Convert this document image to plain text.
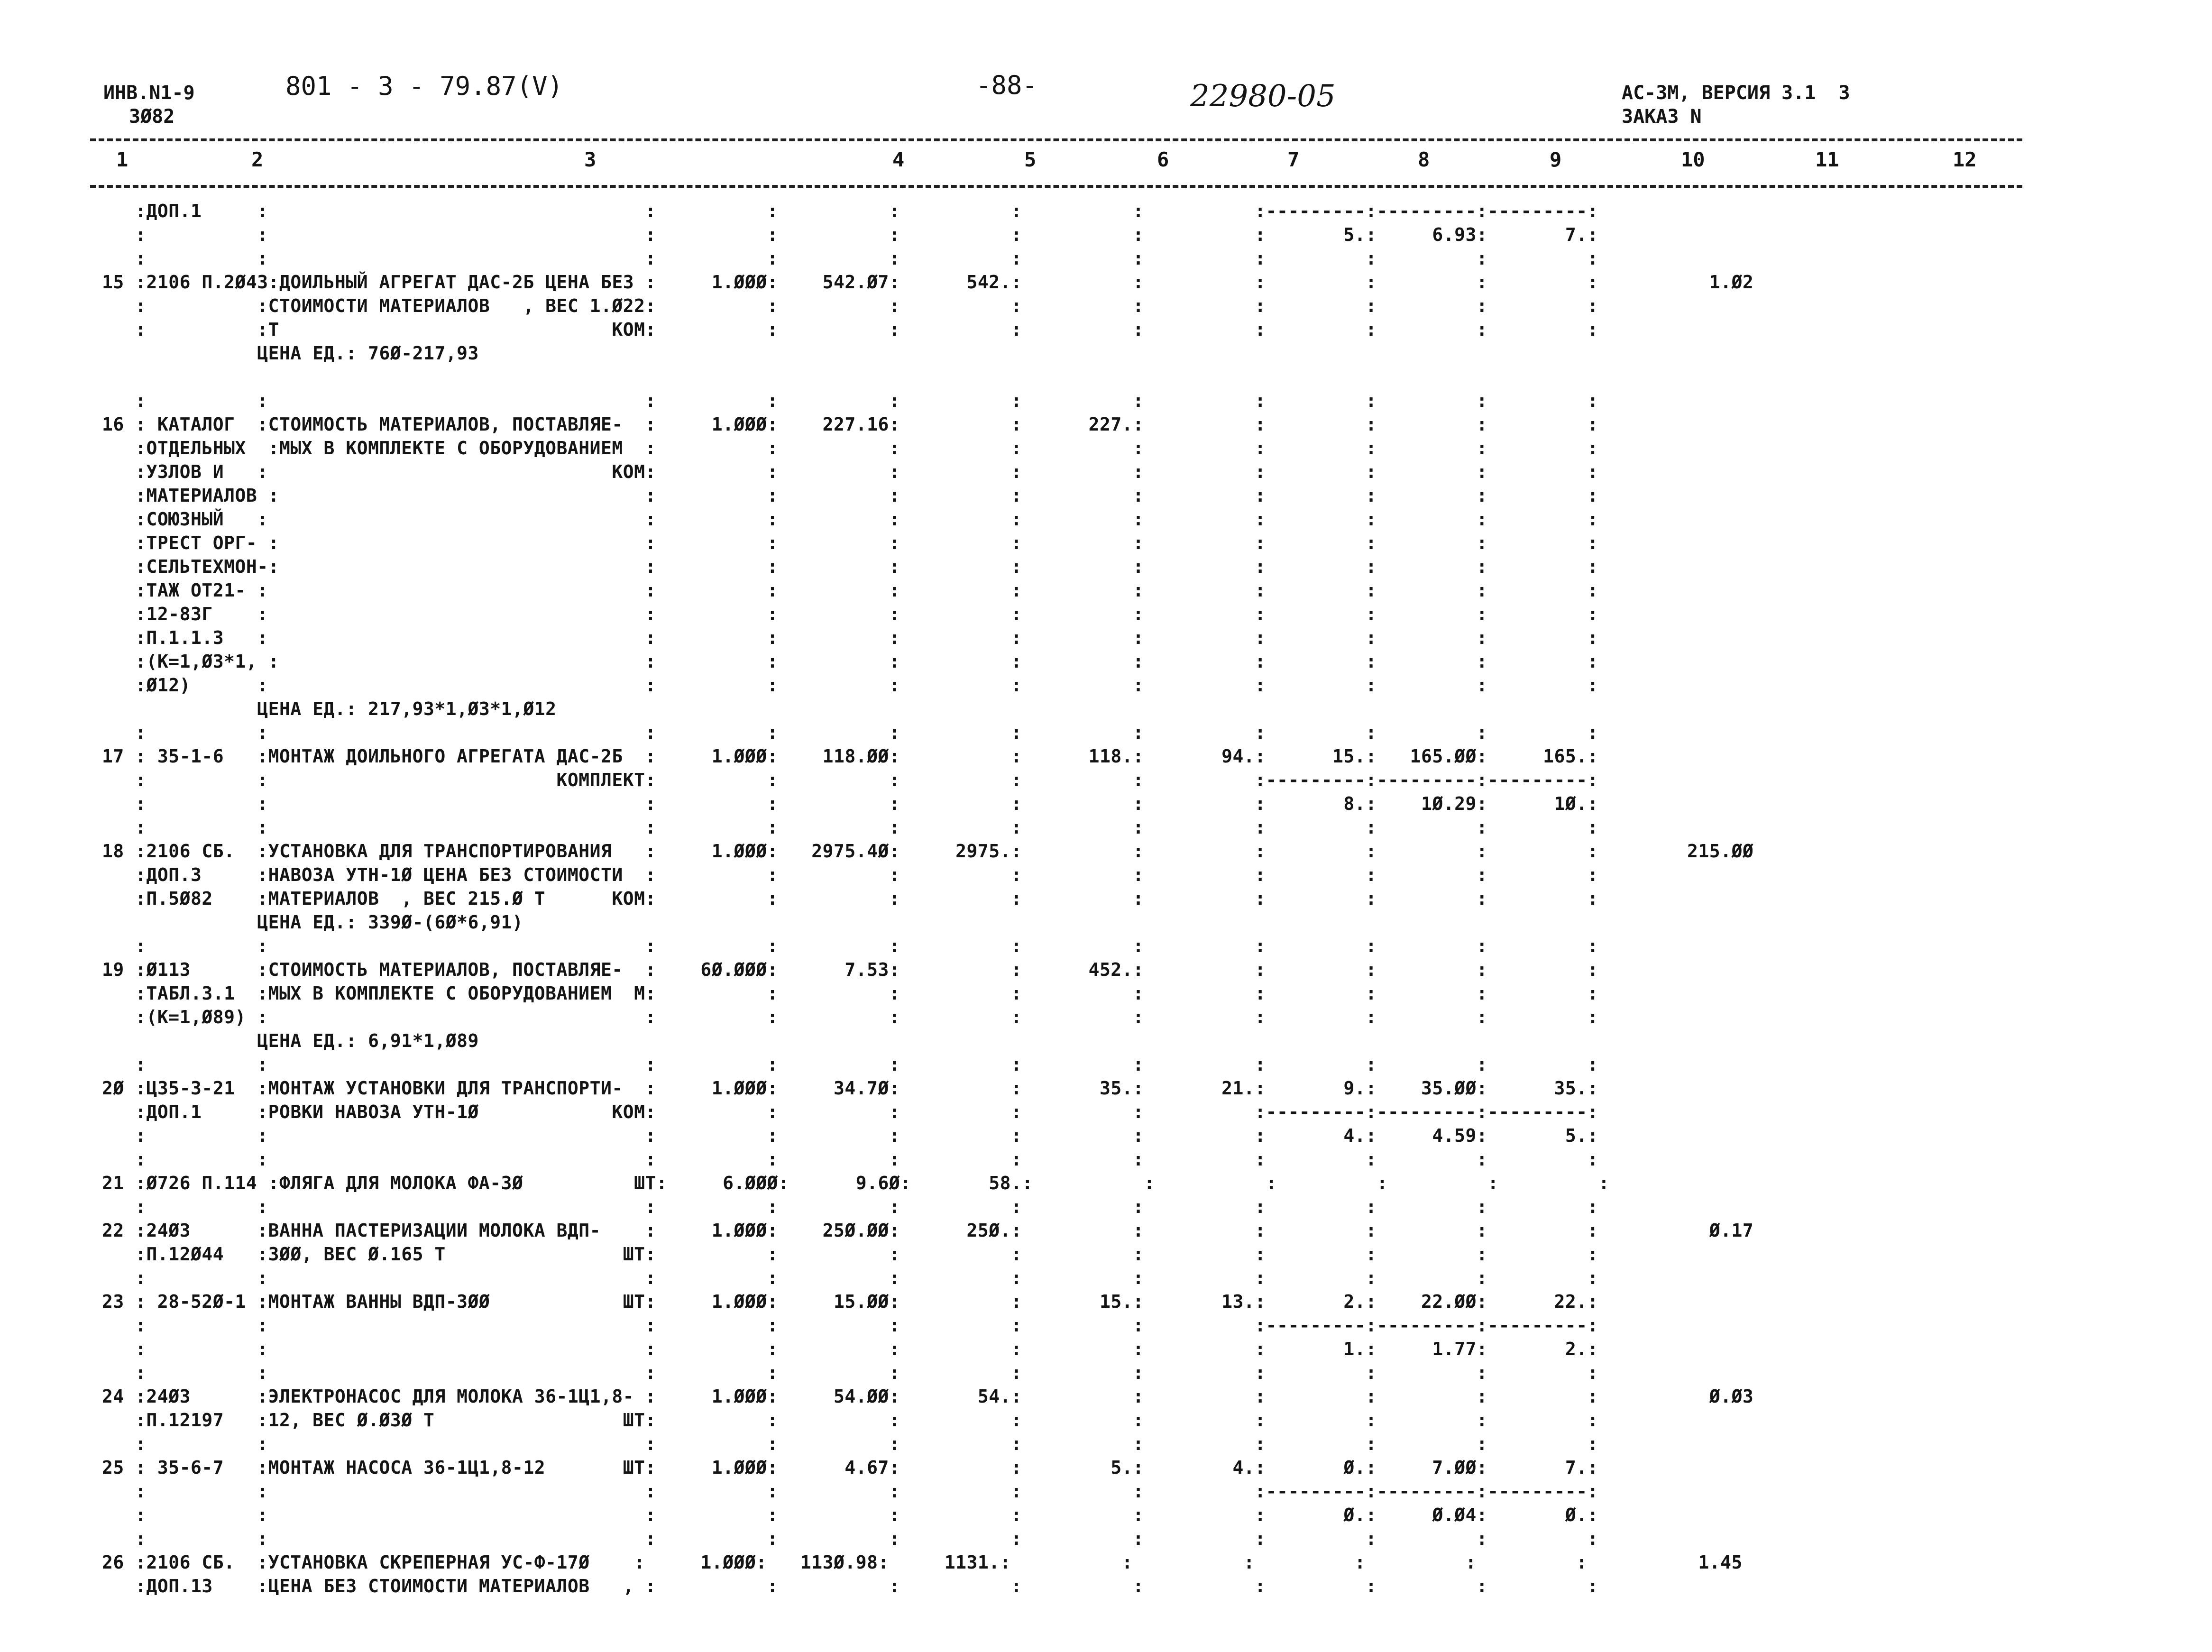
ИНВ.N1-9
3Ø82
801 - 3 - 79.87(V)	-88-	22980-05	АС-3М, ВЕРСИЯ 3.1  3
ЗАКАЗ N
1	2	3	4	5	6	7	8	9	10	11	12
:ДОП.1     :                                  :          :          :          :          :          :---------:---------:---------:
:          :                                  :          :          :          :          :          :       5.:     6.93:       7.:
:          :                                  :          :          :          :          :          :         :         :         :
15 :2106 П.2Ø43:ДОИЛЬНЫЙ АГРЕГАТ ДАС-2Б ЦЕНА БЕЗ :     1.ØØØ:    542.Ø7:      542.:          :          :         :         :         :          1.Ø2
:          :СТОИМОСТИ МАТЕРИАЛОВ   , ВЕС 1.Ø22:          :          :          :          :          :         :         :         :
:          :Т                              КОМ:          :          :          :          :          :         :         :         :
ЦЕНА ЕД.: 76Ø-217,93
:          :                                  :          :          :          :          :          :         :         :         :
16 : КАТАЛОГ  :СТОИМОСТЬ МАТЕРИАЛОВ, ПОСТАВЛЯЕ-  :     1.ØØØ:    227.16:          :      227.:          :         :         :         :
:ОТДЕЛЬНЫХ  :МЫХ В КОМПЛЕКТЕ С ОБОРУДОВАНИЕМ  :          :          :          :          :          :         :         :         :
:УЗЛОВ И   :                               КОМ:          :          :          :          :          :         :         :         :
:МАТЕРИАЛОВ :                                 :          :          :          :          :          :         :         :         :
:СОЮЗНЫЙ   :                                  :          :          :          :          :          :         :         :         :
:ТРЕСТ ОРГ- :                                 :          :          :          :          :          :         :         :         :
:СЕЛЬТЕХМОН-:                                 :          :          :          :          :          :         :         :         :
:ТАЖ ОТ21- :                                  :          :          :          :          :          :         :         :         :
:12-83Г    :                                  :          :          :          :          :          :         :         :         :
:П.1.1.3   :                                  :          :          :          :          :          :         :         :         :
:(К=1,Ø3*1, :                                 :          :          :          :          :          :         :         :         :
:Ø12)      :                                  :          :          :          :          :          :         :         :         :
ЦЕНА ЕД.: 217,93*1,Ø3*1,Ø12
:          :                                  :          :          :          :          :          :         :         :         :
17 : 35-1-6   :МОНТАЖ ДОИЛЬНОГО АГРЕГАТА ДАС-2Б  :     1.ØØØ:    118.ØØ:          :      118.:       94.:      15.:   165.ØØ:     165.:
:          :                          КОМПЛЕКТ:          :          :          :          :          :---------:---------:---------:
:          :                                  :          :          :          :          :          :       8.:    1Ø.29:      1Ø.:
:          :                                  :          :          :          :          :          :         :         :         :
18 :2106 СБ.  :УСТАНОВКА ДЛЯ ТРАНСПОРТИРОВАНИЯ   :     1.ØØØ:   2975.4Ø:     2975.:          :          :         :         :         :        215.ØØ
:ДОП.3     :НАВОЗА УТН-1Ø ЦЕНА БЕЗ СТОИМОСТИ  :          :          :          :          :          :         :         :         :
:П.5Ø82    :МАТЕРИАЛОВ  , ВЕС 215.Ø Т      КОМ:          :          :          :          :          :         :         :         :
ЦЕНА ЕД.: 339Ø-(6Ø*6,91)
:          :                                  :          :          :          :          :          :         :         :         :
19 :Ø113      :СТОИМОСТЬ МАТЕРИАЛОВ, ПОСТАВЛЯЕ-  :    6Ø.ØØØ:      7.53:          :      452.:          :         :         :         :
:ТАБЛ.3.1  :МЫХ В КОМПЛЕКТЕ С ОБОРУДОВАНИЕМ  М:          :          :          :          :          :         :         :         :
:(К=1,Ø89) :                                  :          :          :          :          :          :         :         :         :
ЦЕНА ЕД.: 6,91*1,Ø89
:          :                                  :          :          :          :          :          :         :         :         :
2Ø :Ц35-3-21  :МОНТАЖ УСТАНОВКИ ДЛЯ ТРАНСПОРТИ-  :     1.ØØØ:     34.7Ø:          :       35.:       21.:       9.:    35.ØØ:      35.:
:ДОП.1     :РОВКИ НАВОЗА УТН-1Ø            КОМ:          :          :          :          :          :---------:---------:---------:
:          :                                  :          :          :          :          :          :       4.:     4.59:       5.:
:          :                                  :          :          :          :          :          :         :         :         :
21 :Ø726 П.114 :ФЛЯГА ДЛЯ МОЛОКА ФА-3Ø          ШТ:     6.ØØØ:      9.6Ø:       58.:          :          :         :         :         :
:          :                                  :          :          :          :          :          :         :         :         :
22 :24Ø3      :ВАННА ПАСТЕРИЗАЦИИ МОЛОКА ВДП-    :     1.ØØØ:    25Ø.ØØ:      25Ø.:          :          :         :         :         :          Ø.17
:П.12Ø44   :3ØØ, ВЕС Ø.165 Т                ШТ:          :          :          :          :          :         :         :         :
:          :                                  :          :          :          :          :          :         :         :         :
23 : 28-52Ø-1 :МОНТАЖ ВАННЫ ВДП-3ØØ            ШТ:     1.ØØØ:     15.ØØ:          :       15.:       13.:       2.:    22.ØØ:      22.:
:          :                                  :          :          :          :          :          :---------:---------:---------:
:          :                                  :          :          :          :          :          :       1.:     1.77:       2.:
:          :                                  :          :          :          :          :          :         :         :         :
24 :24Ø3      :ЭЛЕКТРОНАСОС ДЛЯ МОЛОКА 36-1Ц1,8- :     1.ØØØ:     54.ØØ:       54.:          :          :         :         :         :          Ø.Ø3
:П.12197   :12, ВЕС Ø.Ø3Ø Т                 ШТ:          :          :          :          :          :         :         :         :
:          :                                  :          :          :          :          :          :         :         :         :
25 : 35-6-7   :МОНТАЖ НАСОСА 36-1Ц1,8-12       ШТ:     1.ØØØ:      4.67:          :        5.:        4.:       Ø.:     7.ØØ:       7.:
:          :                                  :          :          :          :          :          :---------:---------:---------:
:          :                                  :          :          :          :          :          :       Ø.:     Ø.Ø4:       Ø.:
:          :                                  :          :          :          :          :          :         :         :         :
26 :2106 СБ.  :УСТАНОВКА СКРЕПЕРНАЯ УС-Ф-17Ø    :     1.ØØØ:   113Ø.98:     1131.:          :          :         :         :         :          1.45
:ДОП.13    :ЦЕНА БЕЗ СТОИМОСТИ МАТЕРИАЛОВ   , :          :          :          :          :          :         :         :         :
